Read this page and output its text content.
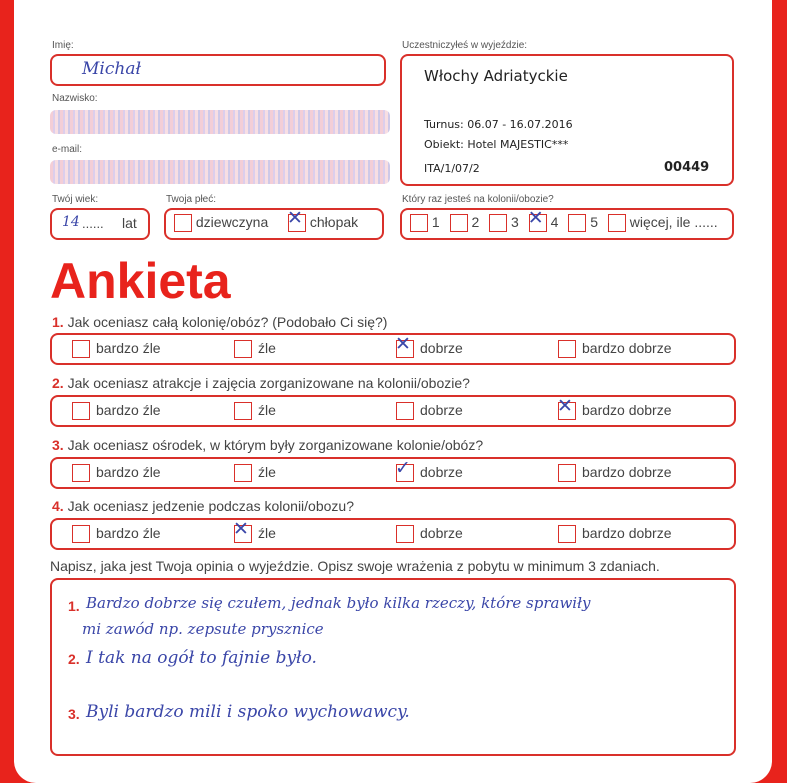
Imię:
Michał
Nazwisko:
e-mail:
Twój wiek:
14 ...... lat
Twoja płeć:
dziewczyna ✕ chłopak
Uczestniczyłeś w wyjeździe:
Włochy Adriatyckie
Turnus: 06.07 - 16.07.2016
Obiekt: Hotel MAJESTIC***
ITA/1/07/2	00449
Który raz jesteś na kolonii/obozie?
1 2 3 ✕ 4 5 więcej, ile ......
Ankieta
1. Jak oceniasz całą kolonię/obóz? (Podobało Ci się?)
bardzo źle	źle	✕ dobrze	bardzo dobrze
2. Jak oceniasz atrakcje i zajęcia zorganizowane na kolonii/obozie?
bardzo źle	źle	dobrze	✕ bardzo dobrze
3. Jak oceniasz ośrodek, w którym były zorganizowane kolonie/obóz?
bardzo źle	źle	✓ dobrze	bardzo dobrze
4. Jak oceniasz jedzenie podczas kolonii/obozu?
bardzo źle	✕ źle	dobrze	bardzo dobrze
Napisz, jaka jest Twoja opinia o wyjeździe. Opisz swoje wrażenia z pobytu w minimum 3 zdaniach.
1. Bardzo dobrze się czułem, jednak było kilka rzeczy, które sprawiły
mi zawód np. zepsute prysznice
2. I tak na ogół to fajnie było.
3. Byli bardzo mili i spoko wychowawcy.
